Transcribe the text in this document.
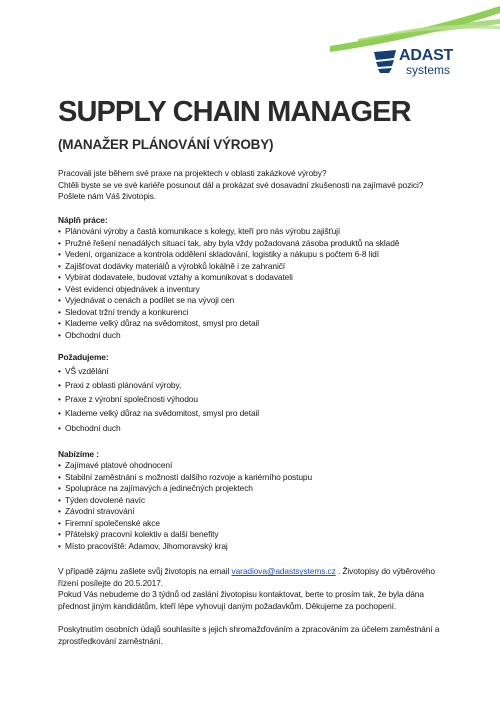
ADAST
systems
SUPPLY CHAIN MANAGER
(MANAŽER PLÁNOVÁNÍ VÝROBY)

Pracovali jste během své praxe na projektech v oblasti zakázkové výroby?

Chtěli byste se ve své kariéře posunout dál a prokázat své dosavadní zkušenosti na zajímavé pozici?

Pošlete nám Váš životopis.

Náplň práce:

• Plánování výroby a častá komunikace s kolegy, kteří pro nás výrobu zajišťují
• Pružné řešení nenadálých situací tak, aby byla vždy požadovaná zásoba produktů na skladě
• Vedení, organizace a kontrola oddělení skladování, logistiky a nákupu s počtem 6-8 lidí
• Zajišťovat dodávky materiálů a výrobků lokálně i ze zahraničí
• Vybírat dodavatele, budovat vztahy a komunikovat s dodavateli
• Vést evidenci objednávek a inventury
• Vyjednávat o cenách a podílet se na vývoji cen
• Sledovat tržní trendy a konkurenci
• Klademe velký důraz na svědomitost, smysl pro detail
• Obchodní duch

Požadujeme:

• VŠ vzdělání
• Praxi z oblasti plánování výroby,
• Praxe z výrobní společnosti výhodou
• Klademe velký důraz na svědomitost, smysl pro detail
• Obchodní duch

Nabízíme :

• Zajímavé platové ohodnocení
• Stabilní zaměstnání s možností dalšího rozvoje a kariérního postupu
• Spolupráce na zajímavých a jedinečných projektech
• Týden dovolené navíc
• Závodní stravování
• Firemní společenské akce
• Přátelský pracovní kolektiv a další benefity
• Místo pracoviště: Adamov, Jihomoravský kraj

V případě zájmu zašlete svůj životopis na email varadiova@adastsystems.cz . Životopisy do výběrového

řízení posílejte do 20.5.2017.

Pokud Vás nebudeme do 3 týdnů od zaslání životopisu kontaktovat, berte to prosím tak, že byla dána

přednost jiným kandidátům, kteří lépe vyhovují daným požadavkům. Děkujeme za pochopení.

Poskytnutím osobních údajů souhlasíte s jejich shromažďováním a zpracováním za účelem zaměstnání a

zprostředkování zaměstnání.
